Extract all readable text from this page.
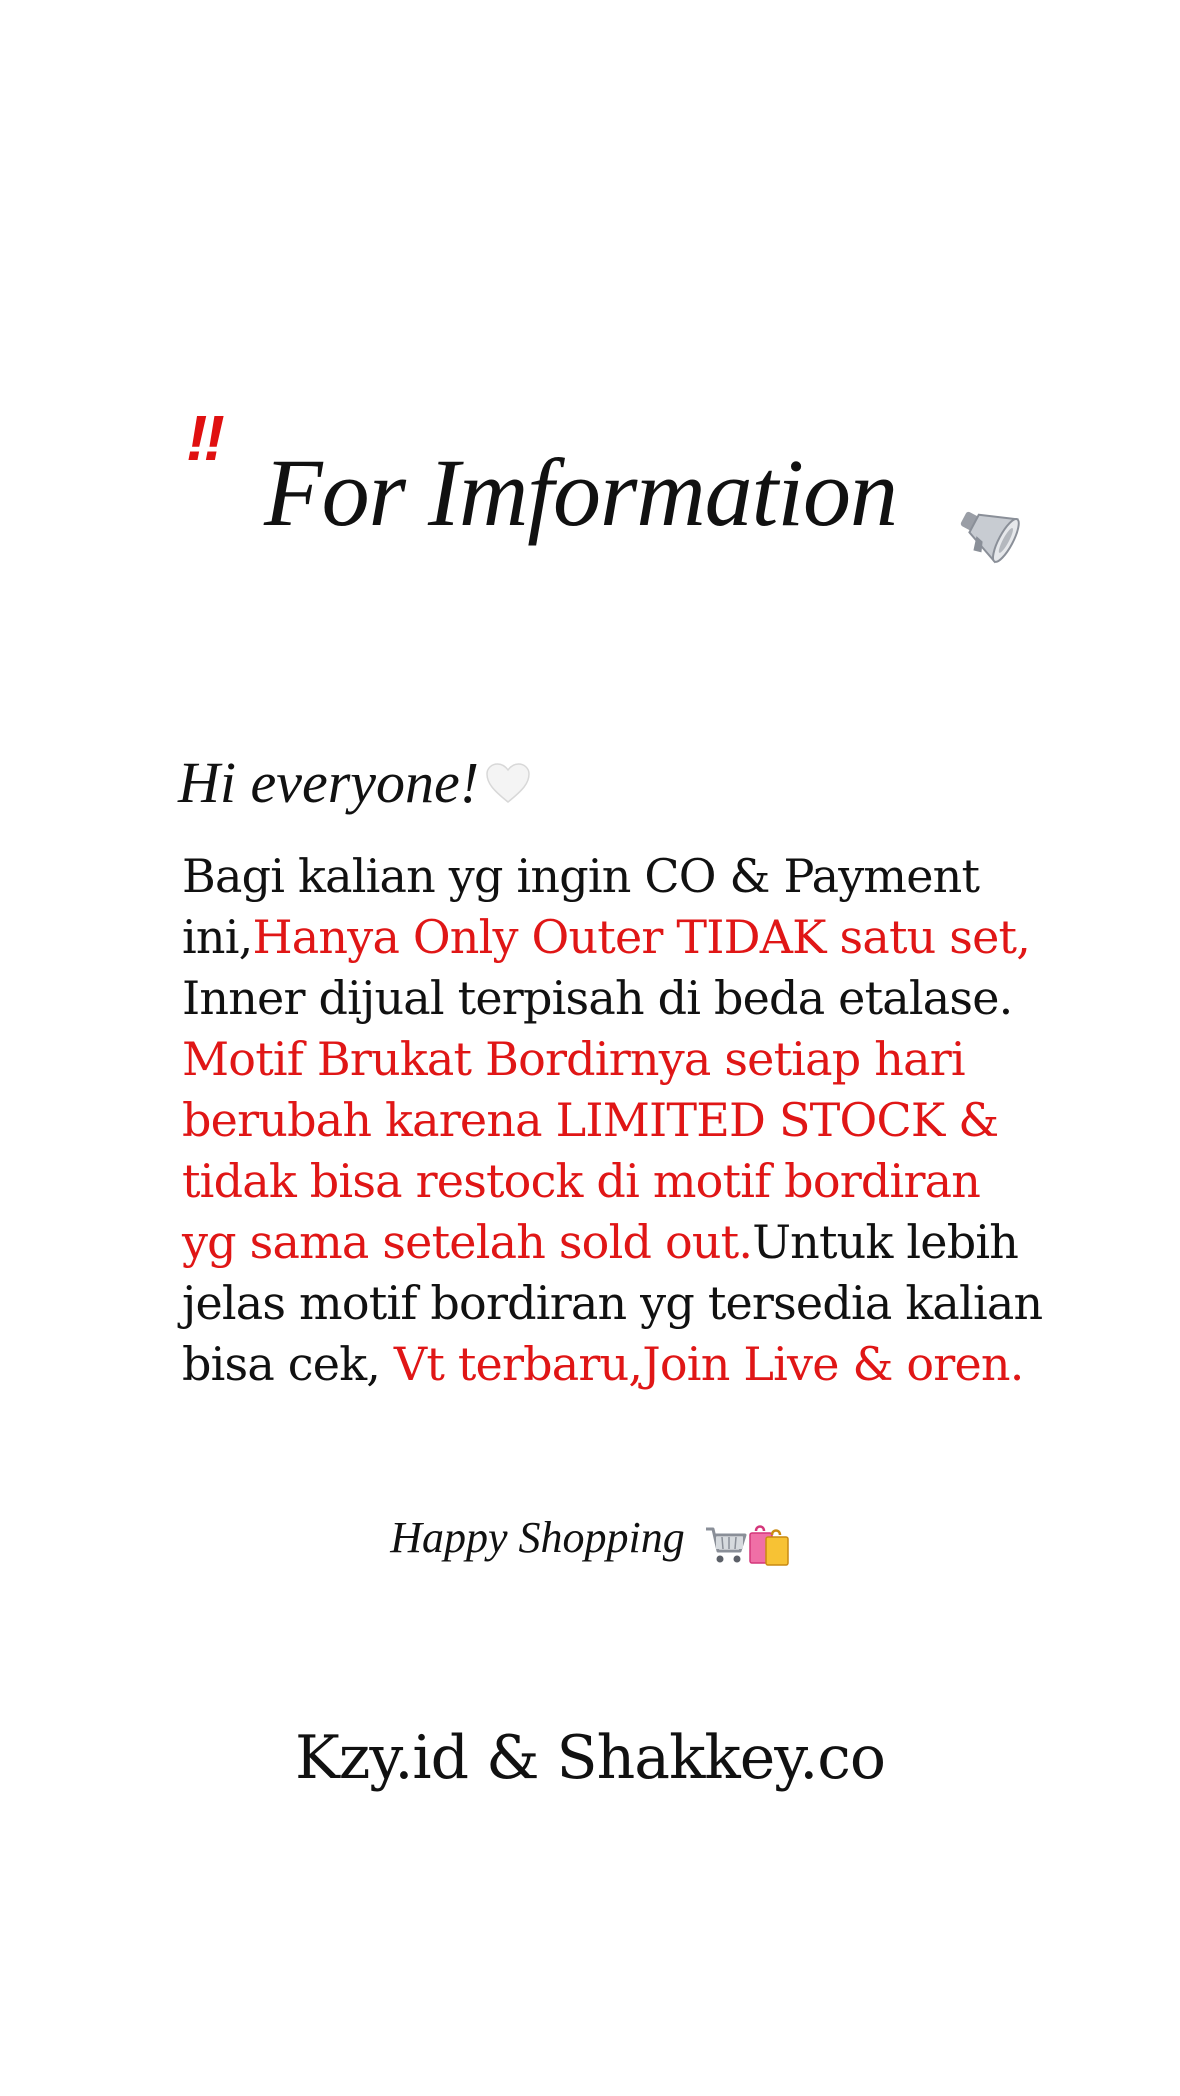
‼
For Imformation
Hi everyone!
Bagi kalian yg ingin CO & Payment
ini,Hanya Only Outer TIDAK satu set,
Inner dijual terpisah di beda etalase.
Motif Brukat Bordirnya setiap hari
berubah karena LIMITED STOCK &
tidak bisa restock di motif bordiran
yg sama setelah sold out.Untuk lebih
jelas motif bordiran yg tersedia kalian
bisa cek, Vt terbaru,Join Live & oren.
Happy Shopping
Kzy.id & Shakkey.co
